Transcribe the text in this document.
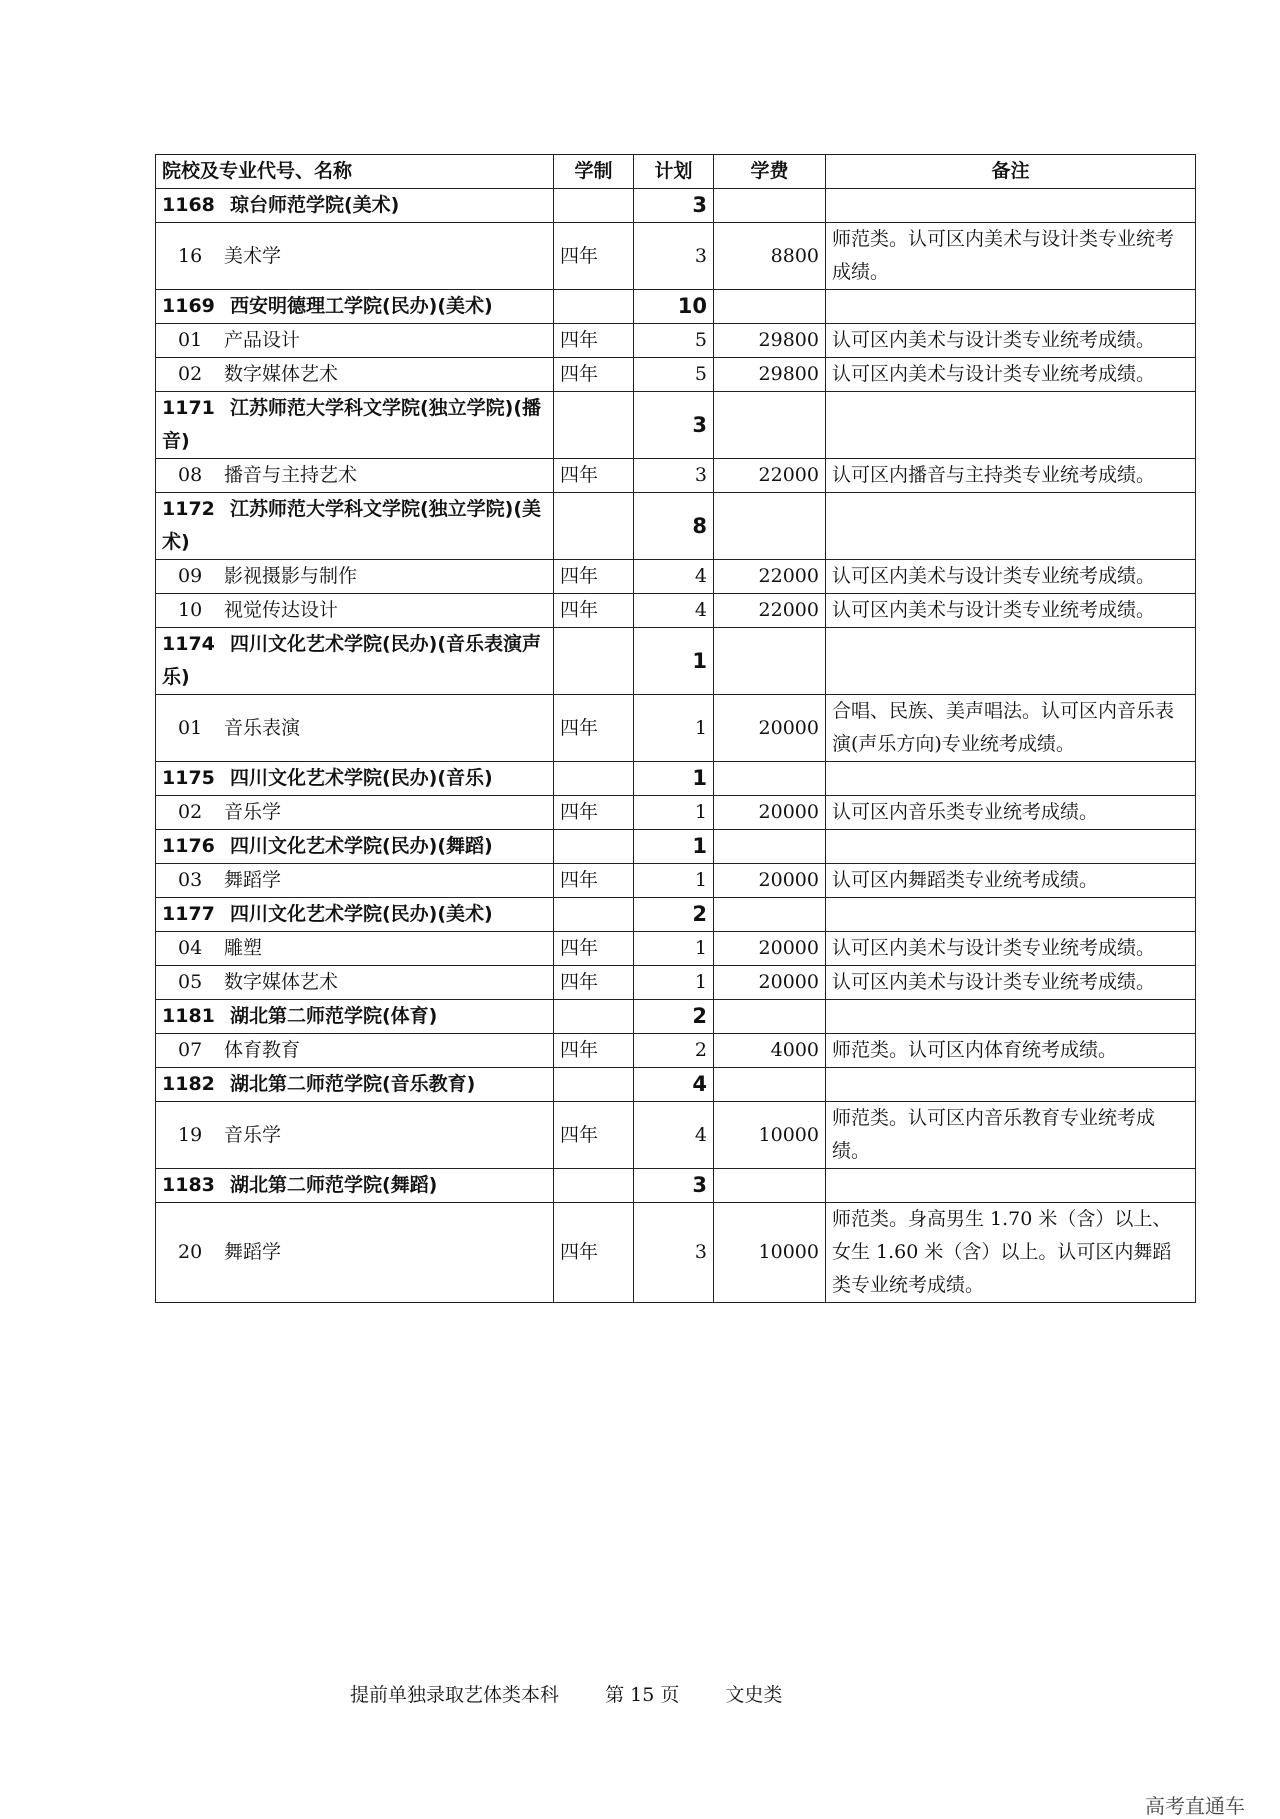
院校及专业代号、名称	学制	计划	学费	备注
1168 琼台师范学院(美术)		3		
16 美术学	四年	3	8800	师范类。认可区内美术与设计类专业统考成绩。
1169 西安明德理工学院(民办)(美术)		10		
01 产品设计	四年	5	29800	认可区内美术与设计类专业统考成绩。
02 数字媒体艺术	四年	5	29800	认可区内美术与设计类专业统考成绩。
1171 江苏师范大学科文学院(独立学院)(播音)		3		
08 播音与主持艺术	四年	3	22000	认可区内播音与主持类专业统考成绩。
1172 江苏师范大学科文学院(独立学院)(美术)		8		
09 影视摄影与制作	四年	4	22000	认可区内美术与设计类专业统考成绩。
10 视觉传达设计	四年	4	22000	认可区内美术与设计类专业统考成绩。
1174 四川文化艺术学院(民办)(音乐表演声乐)		1		
01 音乐表演	四年	1	20000	合唱、民族、美声唱法。认可区内音乐表演(声乐方向)专业统考成绩。
1175 四川文化艺术学院(民办)(音乐)		1		
02 音乐学	四年	1	20000	认可区内音乐类专业统考成绩。
1176 四川文化艺术学院(民办)(舞蹈)		1		
03 舞蹈学	四年	1	20000	认可区内舞蹈类专业统考成绩。
1177 四川文化艺术学院(民办)(美术)		2		
04 雕塑	四年	1	20000	认可区内美术与设计类专业统考成绩。
05 数字媒体艺术	四年	1	20000	认可区内美术与设计类专业统考成绩。
1181 湖北第二师范学院(体育)		2		
07 体育教育	四年	2	4000	师范类。认可区内体育统考成绩。
1182 湖北第二师范学院(音乐教育)		4		
19 音乐学	四年	4	10000	师范类。认可区内音乐教育专业统考成绩。
1183 湖北第二师范学院(舞蹈)		3		
20 舞蹈学	四年	3	10000	师范类。身高男生 1.70 米（含）以上、女生 1.60 米（含）以上。认可区内舞蹈类专业统考成绩。
提前单独录取艺体类本科 第 15 页 文史类
高考直通车
